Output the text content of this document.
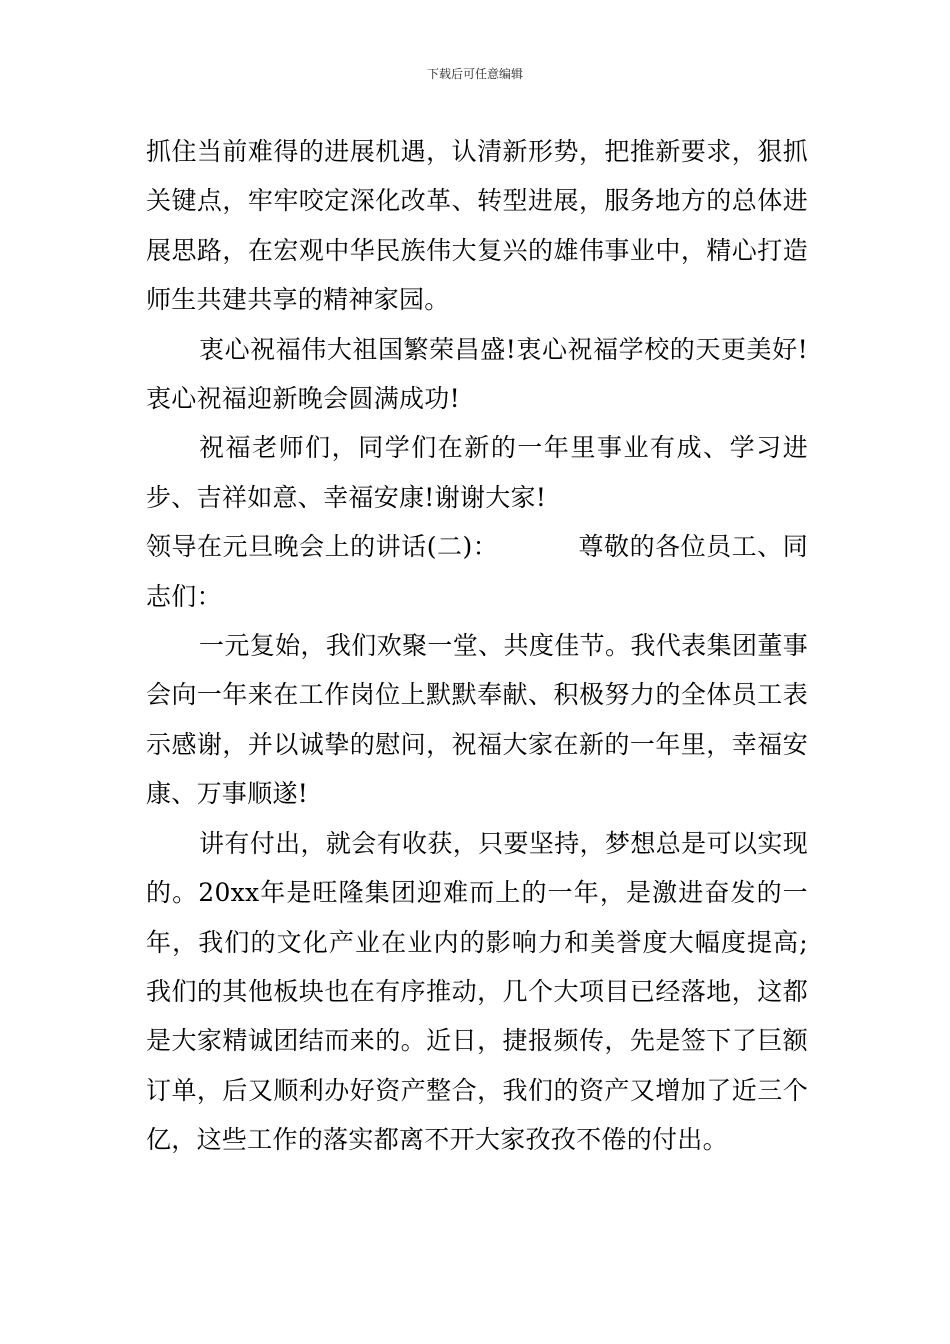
下载后可任意编辑

抓住当前难得的进展机遇，认清新形势，把推新要求，狠抓关键点，牢牢咬定深化改革、转型进展，服务地方的总体进展思路，在宏观中华民族伟大复兴的雄伟事业中，精心打造师生共建共享的精神家园。

衷心祝福伟大祖国繁荣昌盛!衷心祝福学校的天更美好!衷心祝福迎新晚会圆满成功!

祝福老师们，同学们在新的一年里事业有成、学习进步、吉祥如意、幸福安康!谢谢大家!

领导在元旦晚会上的讲话(二)：	尊敬的各位员工、同志们：

一元复始，我们欢聚一堂、共度佳节。我代表集团董事会向一年来在工作岗位上默默奉献、积极努力的全体员工表示感谢，并以诚挚的慰问，祝福大家在新的一年里，幸福安康、万事顺遂!

讲有付出，就会有收获，只要坚持，梦想总是可以实现的。20xx年是旺隆集团迎难而上的一年，是激进奋发的一年，我们的文化产业在业内的影响力和美誉度大幅度提高;我们的其他板块也在有序推动，几个大项目已经落地，这都是大家精诚团结而来的。近日，捷报频传，先是签下了巨额订单，后又顺利办好资产整合，我们的资产又增加了近三个亿，这些工作的落实都离不开大家孜孜不倦的付出。
